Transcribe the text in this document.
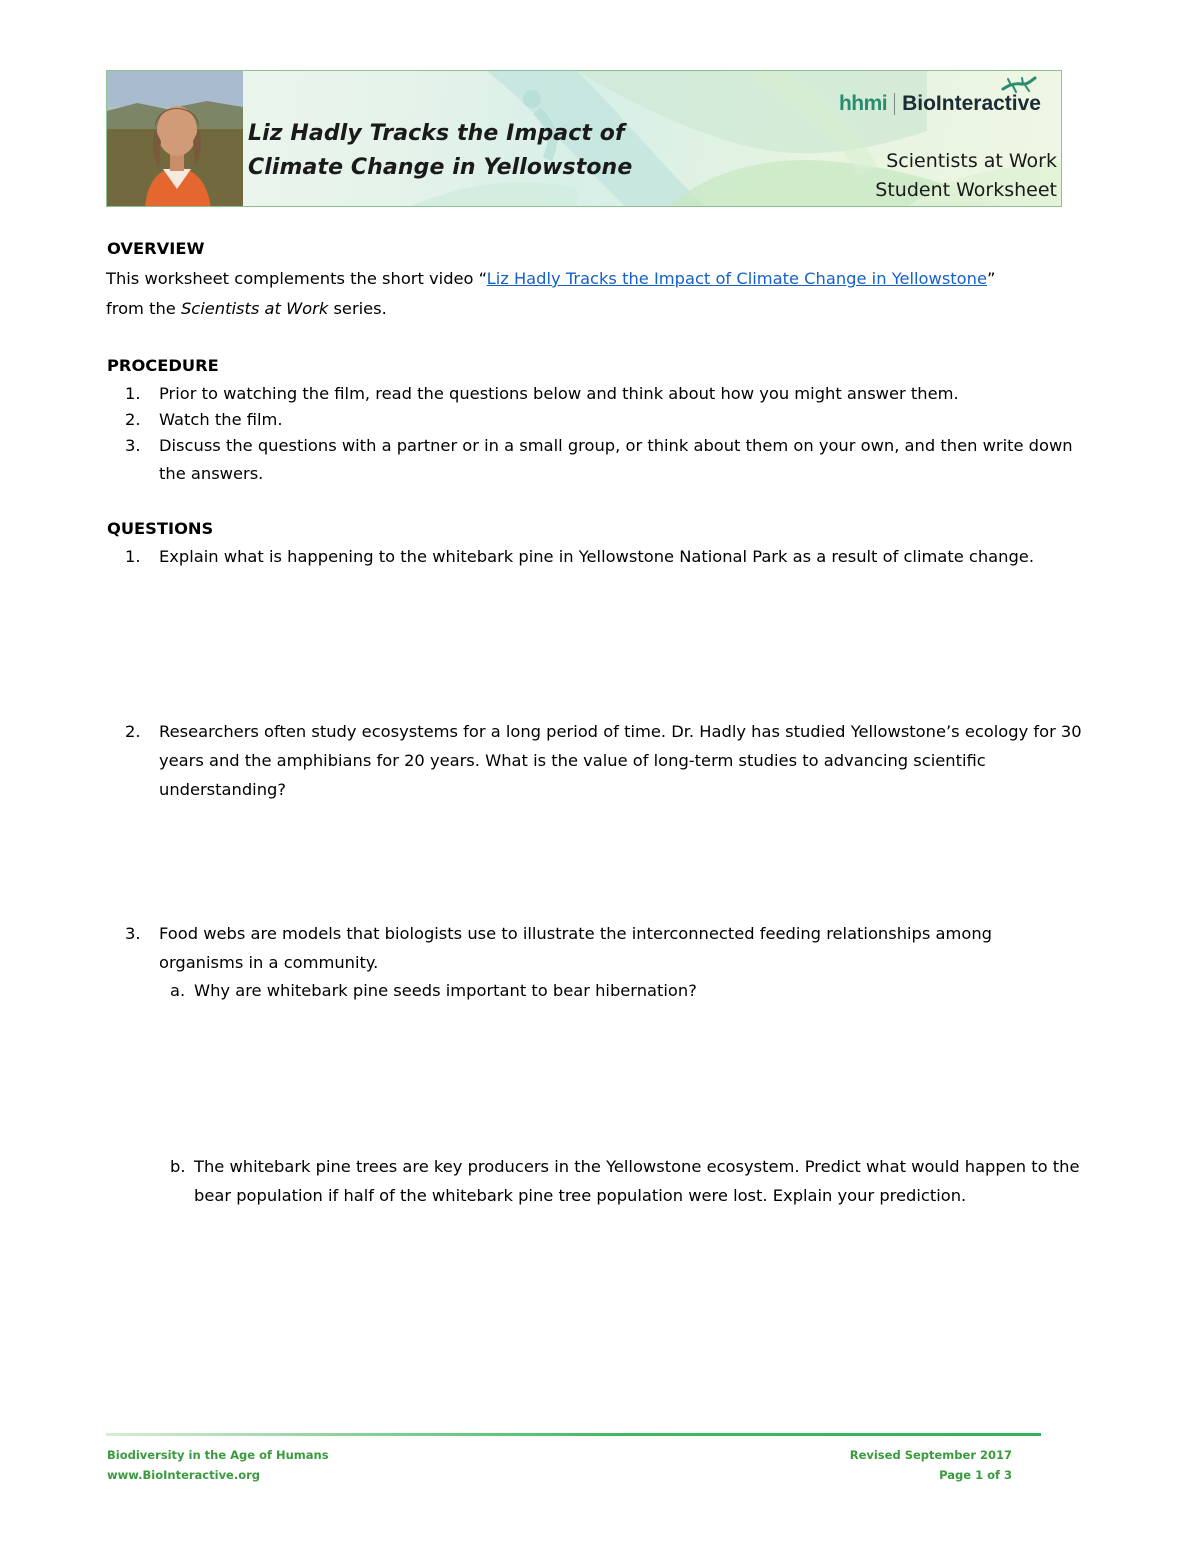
Liz Hadly Tracks the Impact of
Climate Change in Yellowstone
hhmi BioInteractive
Scientists at Work
Student Worksheet
OVERVIEW
This worksheet complements the short video “Liz Hadly Tracks the Impact of Climate Change in Yellowstone”
from the Scientists at Work series.
PROCEDURE
1. Prior to watching the film, read the questions below and think about how you might answer them.
2. Watch the film.
3. Discuss the questions with a partner or in a small group, or think about them on your own, and then write down the answers.
QUESTIONS
1. Explain what is happening to the whitebark pine in Yellowstone National Park as a result of climate change.
2. Researchers often study ecosystems for a long period of time. Dr. Hadly has studied Yellowstone’s ecology for 30 years and the amphibians for 20 years. What is the value of long-term studies to advancing scientific understanding?
3. Food webs are models that biologists use to illustrate the interconnected feeding relationships among organisms in a community.
a. Why are whitebark pine seeds important to bear hibernation?
b. The whitebark pine trees are key producers in the Yellowstone ecosystem. Predict what would happen to the bear population if half of the whitebark pine tree population were lost. Explain your prediction.
Biodiversity in the Age of Humans
www.BioInteractive.org
Revised September 2017
Page 1 of 3
